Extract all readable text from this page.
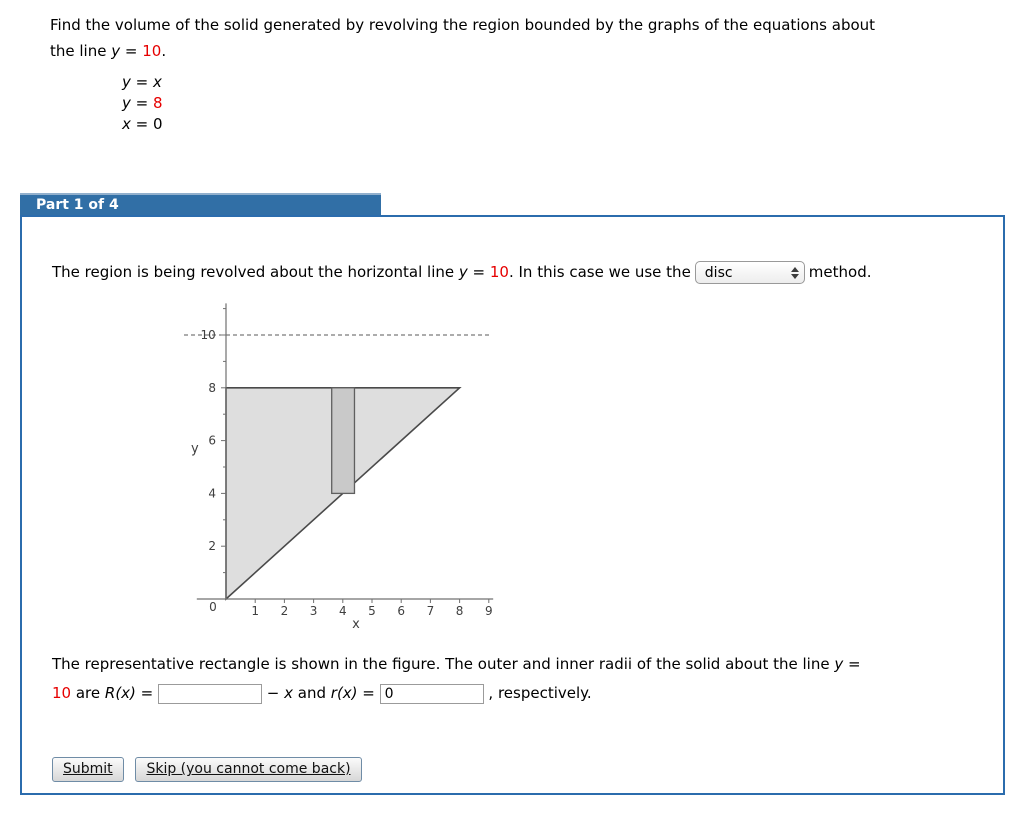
Find the volume of the solid generated by revolving the region bounded by the graphs of the equations about
the line y = 10.
y = x
y = 8
x = 0
Part 1 of 4
The region is being revolved about the horizontal line y = 10. In this case we use the disc	method.
10
1 2 3 4 5 6 7 8 9
0
2
4
6
8
y
x
The representative rectangle is shown in the figure. The outer and inner radii of the solid about the line y =
10 are R(x) =	− x and r(x) = 0	, respectively.
Submit Skip (you cannot come back)
